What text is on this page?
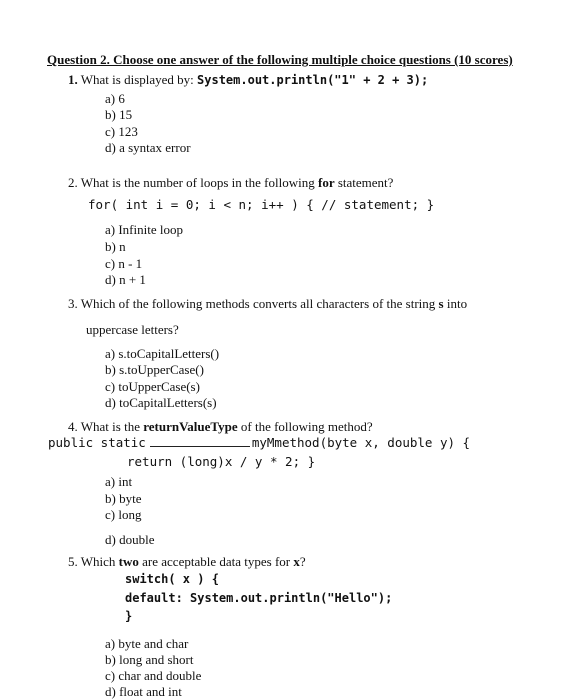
Question 2. Choose one answer of the following multiple choice questions (10 scores)
1. What is displayed by: System.out.println("1" + 2 + 3);
a) 6
b) 15
c) 123
d) a syntax error
2. What is the number of loops in the following for statement?
for( int i = 0; i < n; i++ ) { // statement; }
a) Infinite loop
b) n
c) n - 1
d) n + 1
3. Which of the following methods converts all characters of the string s into
uppercase letters?
a) s.toCapitalLetters()
b) s.toUpperCase()
c) toUpperCase(s)
d) toCapitalLetters(s)
4. What is the returnValueType of the following method?
public static	myMmethod(byte x, double y) {
return (long)x / y * 2; }
a) int
b) byte
c) long
d) double
5. Which two are acceptable data types for x?
switch( x ) {
default: System.out.println("Hello");
}
a) byte and char
b) long and short
c) char and double
d) float and int
